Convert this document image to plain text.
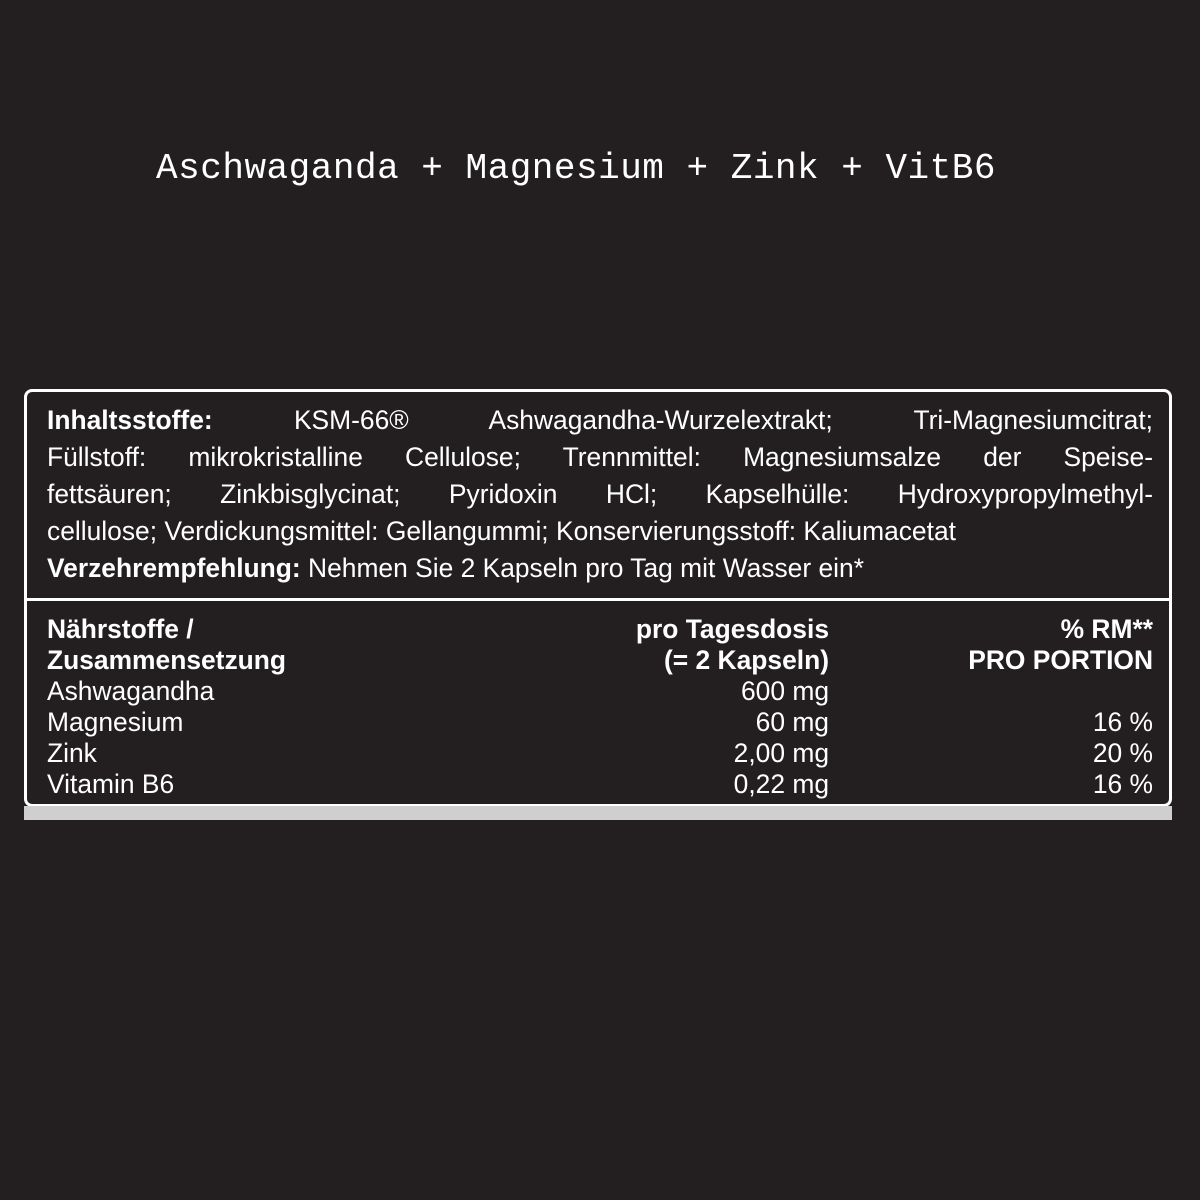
Aschwaganda + Magnesium + Zink + VitB6
Inhaltsstoffe:	KSM-66® Ashwagandha-Wurzelextrakt; Tri-Magnesiumcitrat;
Füllstoff: mikrokristalline Cellulose; Trennmittel: Magnesiumsalze der Speise-
fettsäuren; Zinkbisglycinat; Pyridoxin HCl; Kapselhülle: Hydroxypropylmethyl-
cellulose; Verdickungsmittel: Gellangummi; Konservierungsstoff: Kaliumacetat
Verzehrempfehlung: Nehmen Sie 2 Kapseln pro Tag mit Wasser ein*
Nährstoffe /	pro Tagesdosis	% RM**
Zusammensetzung	(= 2 Kapseln)	PRO PORTION
Ashwagandha	600 mg
Magnesium	60 mg	16 %
Zink	2,00 mg	20 %
Vitamin B6	0,22 mg	16 %
